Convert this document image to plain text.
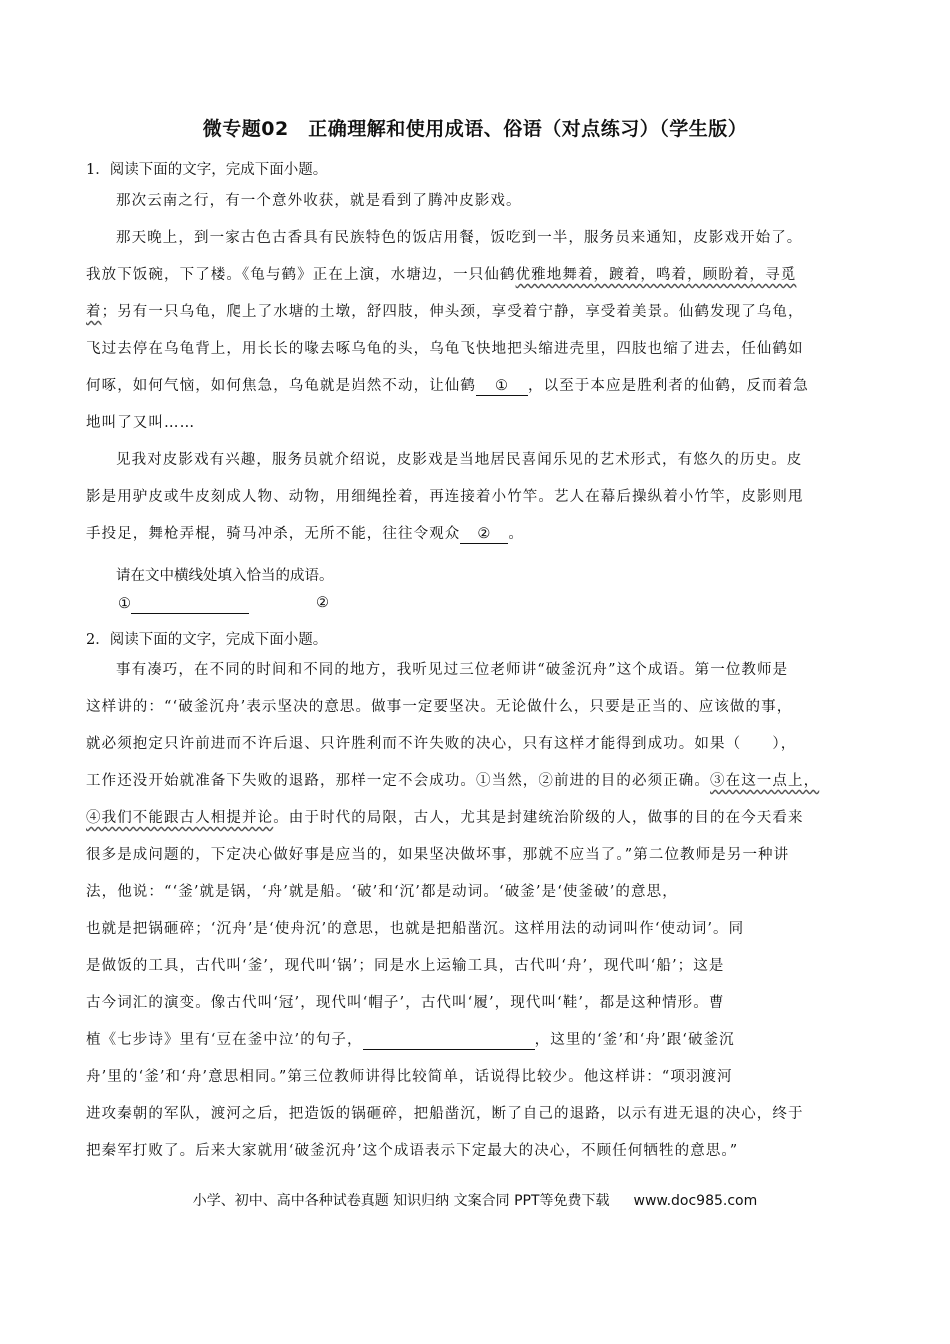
微专题02　正确理解和使用成语、俗语（对点练习）（学生版）
1．阅读下面的文字，完成下面小题。
那次云南之行，有一个意外收获，就是看到了腾冲皮影戏。
那天晚上，到一家古色古香具有民族特色的饭店用餐，饭吃到一半，服务员来通知，皮影戏开始了。
我放下饭碗，下了楼。《龟与鹤》正在上演，水塘边，一只仙鹤优雅地舞着，踱着，鸣着，顾盼着，寻觅
着；另有一只乌龟，爬上了水塘的土墩，舒四肢，伸头颈，享受着宁静，享受着美景。仙鹤发现了乌龟，
飞过去停在乌龟背上，用长长的喙去啄乌龟的头，乌龟飞快地把头缩进壳里，四肢也缩了进去，任仙鹤如
何啄，如何气恼，如何焦急，乌龟就是岿然不动，让仙鹤 ① ，以至于本应是胜利者的仙鹤，反而着急
地叫了又叫……
见我对皮影戏有兴趣，服务员就介绍说，皮影戏是当地居民喜闻乐见的艺术形式，有悠久的历史。皮
影是用驴皮或牛皮刻成人物、动物，用细绳拴着，再连接着小竹竿。艺人在幕后操纵着小竹竿，皮影则甩
手投足，舞枪弄棍，骑马冲杀，无所不能，往往令观众 ② 。
请在文中横线处填入恰当的成语。
①	②
2．阅读下面的文字，完成下面小题。
事有凑巧，在不同的时间和不同的地方，我听见过三位老师讲“破釜沉舟”这个成语。第一位教师是
这样讲的：“‘破釜沉舟’表示坚决的意思。做事一定要坚决。无论做什么，只要是正当的、应该做的事，
就必须抱定只许前进而不许后退、只许胜利而不许失败的决心，只有这样才能得到成功。如果（　　），
工作还没开始就准备下失败的退路，那样一定不会成功。①当然，②前进的目的必须正确。③在这一点上，
④我们不能跟古人相提并论。由于时代的局限，古人，尤其是封建统治阶级的人，做事的目的在今天看来
很多是成问题的，下定决心做好事是应当的，如果坚决做坏事，那就不应当了。”第二位教师是另一种讲
法，他说：“‘釜’就是锅，‘舟’就是船。‘破’和‘沉’都是动词。‘破釜’是‘使釜破’的意思，
也就是把锅砸碎；‘沉舟’是‘使舟沉’的意思，也就是把船凿沉。这样用法的动词叫作‘使动词’。同
是做饭的工具，古代叫‘釜’，现代叫‘锅’；同是水上运输工具，古代叫‘舟’，现代叫‘船’；这是
古今词汇的演变。像古代叫‘冠’，现代叫‘帽子’，古代叫‘履’，现代叫‘鞋’，都是这种情形。曹
植《七步诗》里有‘豆在釜中泣’的句子，	，这里的‘釜’和‘舟’跟‘破釜沉
舟’里的‘釜’和‘舟’意思相同。”第三位教师讲得比较简单，话说得比较少。他这样讲：“项羽渡河
进攻秦朝的军队，渡河之后，把造饭的锅砸碎，把船凿沉，断了自己的退路，以示有进无退的决心，终于
把秦军打败了。后来大家就用‘破釜沉舟’这个成语表示下定最大的决心，不顾任何牺牲的意思。”
小学、初中、高中各种试卷真题 知识归纳 文案合同 PPT等免费下载 www.doc985.com
